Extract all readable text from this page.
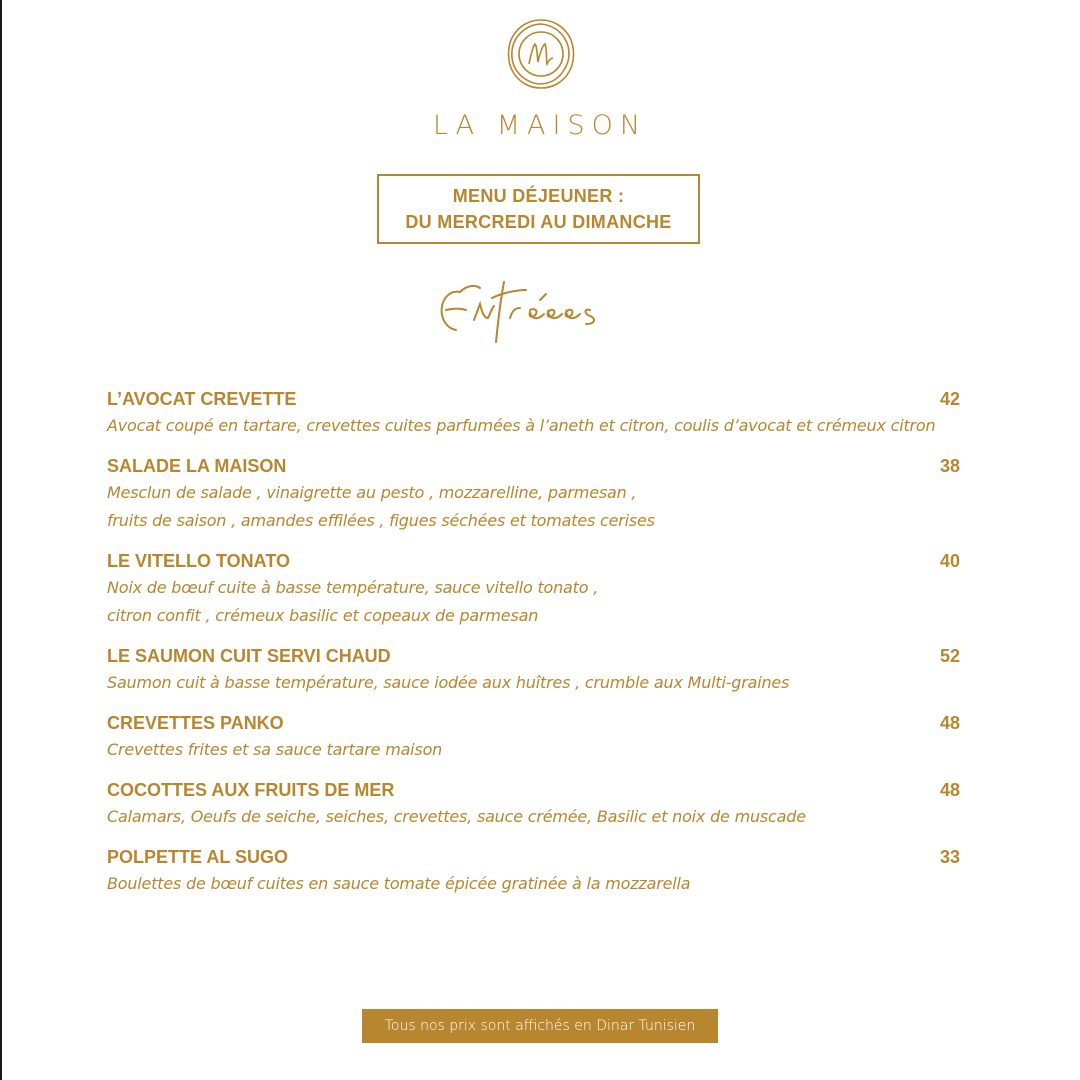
LA MAISON
MENU DÉJEUNER :
DU MERCREDI AU DIMANCHE
L’AVOCAT CREVETTE	42
Avocat coupé en tartare, crevettes cuites parfumées à l’aneth et citron, coulis d’avocat et crémeux citron
SALADE LA MAISON	38
Mesclun de salade , vinaigrette au pesto , mozzarelline, parmesan ,
fruits de saison , amandes effilées , figues séchées et tomates cerises
LE VITELLO TONATO	40
Noix de bœuf cuite à basse température, sauce vitello tonato ,
citron confit , crémeux basilic et copeaux de parmesan
LE SAUMON CUIT SERVI CHAUD	52
Saumon cuit à basse température, sauce iodée aux huîtres , crumble aux Multi-graines
CREVETTES PANKO	48
Crevettes frites et sa sauce tartare maison
COCOTTES AUX FRUITS DE MER	48
Calamars, Oeufs de seiche, seiches, crevettes, sauce crémée, Basilic et noix de muscade
POLPETTE AL SUGO	33
Boulettes de bœuf cuites en sauce tomate épicée gratinée à la mozzarella
Tous nos prix sont affichés en Dinar Tunisien
